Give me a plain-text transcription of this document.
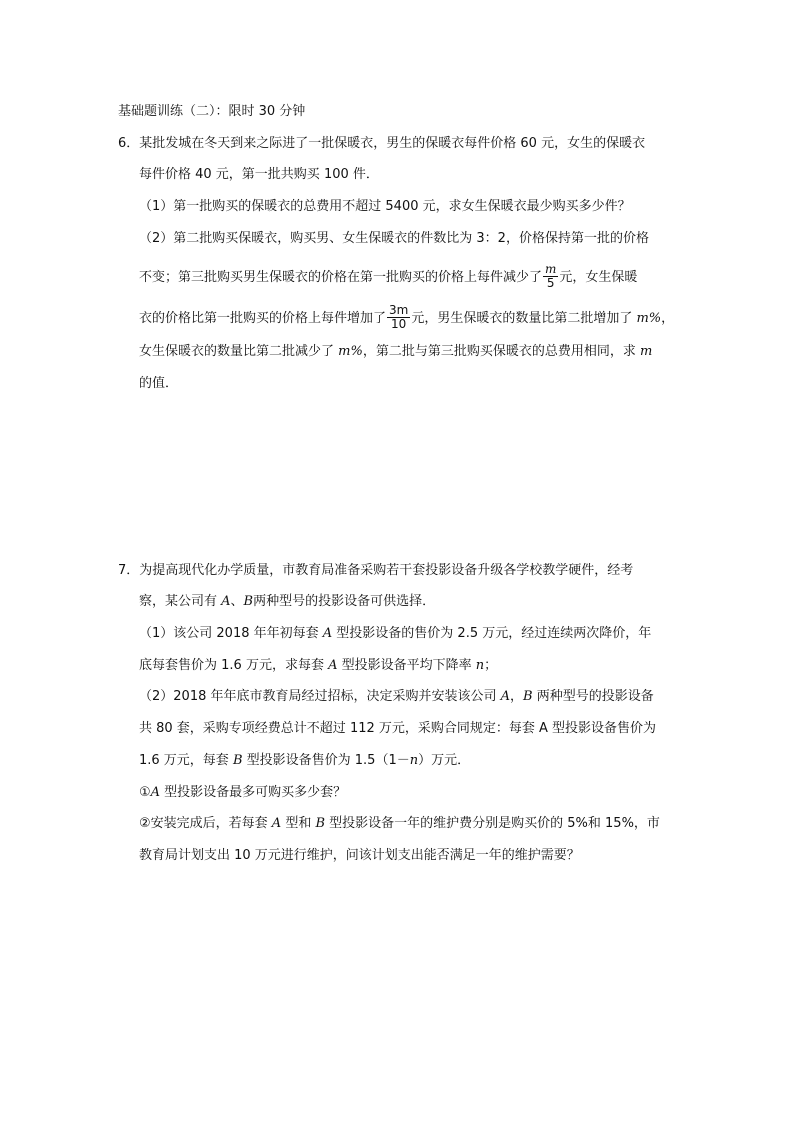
基础题训练（二）：限时 30 分钟
6．某批发城在冬天到来之际进了一批保暖衣，男生的保暖衣每件价格 60 元，女生的保暖衣
每件价格 40 元，第一批共购买 100 件．
（1）第一批购买的保暖衣的总费用不超过 5400 元，求女生保暖衣最少购买多少件？
（2）第二批购买保暖衣，购买男、女生保暖衣的件数比为 3：2，价格保持第一批的价格
不变；第三批购买男生保暖衣的价格在第一批购买的价格上每件减少了 $\frac{m}{5}$ 元，女生保暖
衣的价格比第一批购买的价格上每件增加了 $\frac{3m}{10}$ 元，男生保暖衣的数量比第二批增加了 m%，
女生保暖衣的数量比第二批减少了 m%，第二批与第三批购买保暖衣的总费用相同，求 m
的值．
7．为提高现代化办学质量，市教育局准备采购若干套投影设备升级各学校教学硬件，经考
察，某公司有 A、B两种型号的投影设备可供选择．
（1）该公司 2018 年年初每套 A 型投影设备的售价为 2.5 万元，经过连续两次降价，年
底每套售价为 1.6 万元，求每套 A 型投影设备平均下降率 n；
（2）2018 年年底市教育局经过招标，决定采购并安装该公司 A，B 两种型号的投影设备
共 80 套，采购专项经费总计不超过 112 万元，采购合同规定：每套 A 型投影设备售价为
1.6 万元，每套 B 型投影设备售价为 1.5（1－n）万元．
①A 型投影设备最多可购买多少套？
②安装完成后，若每套 A 型和 B 型投影设备一年的维护费分别是购买价的 5%和 15%，市
教育局计划支出 10 万元进行维护，问该计划支出能否满足一年的维护需要？
